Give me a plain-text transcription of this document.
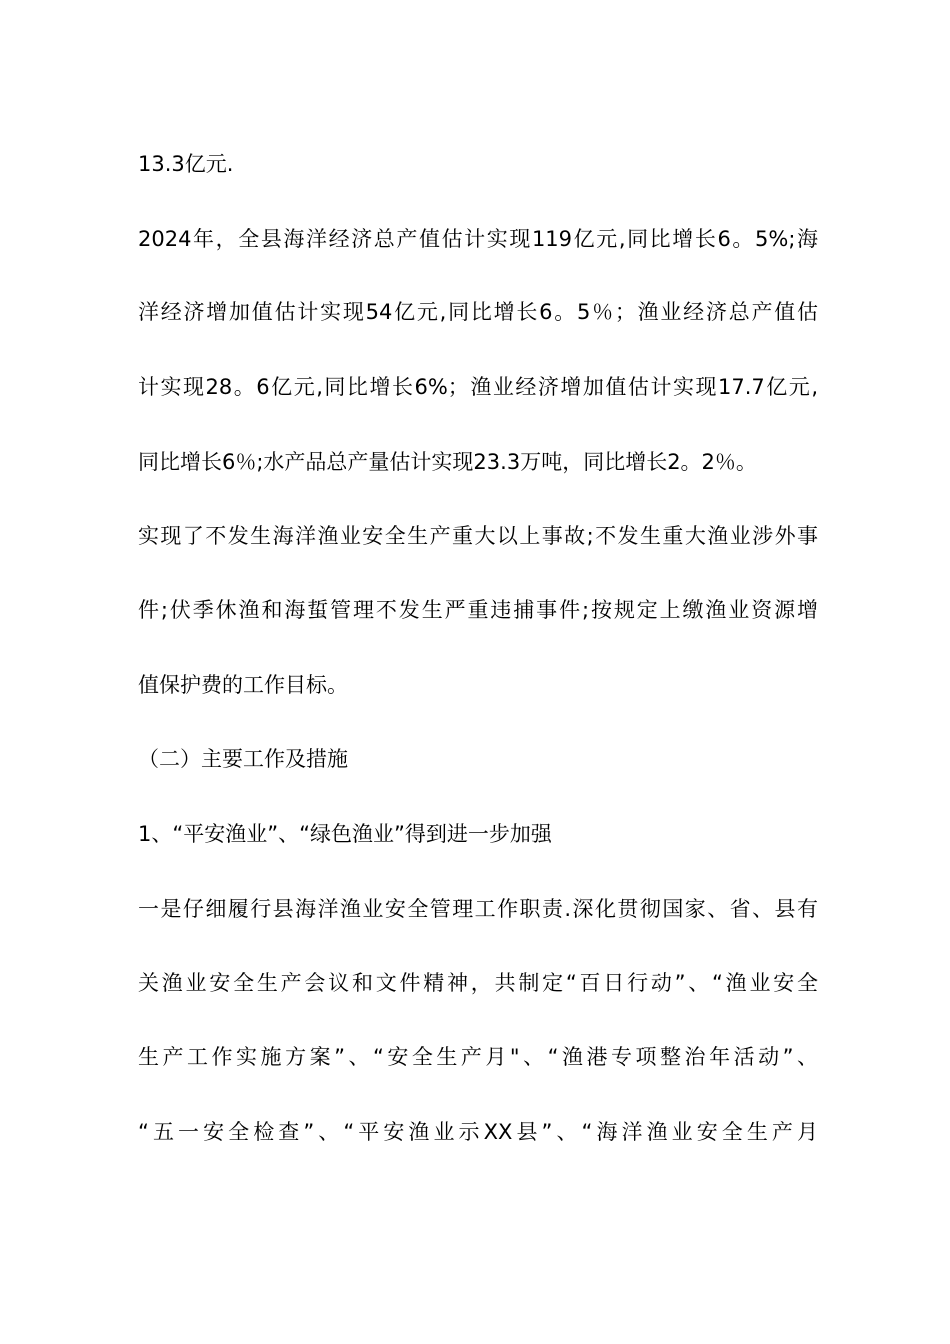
13.3亿元.
2024年，全县海洋经济总产值估计实现119亿元,同比增长6。5%;海
洋经济增加值估计实现54亿元,同比增长6。5％；渔业经济总产值估
计实现28。6亿元,同比增长6%；渔业经济增加值估计实现17.7亿元,
同比增长6％;水产品总产量估计实现23.3万吨，同比增长2。2％。
实现了不发生海洋渔业安全生产重大以上事故;不发生重大渔业涉外事
件;伏季休渔和海蜇管理不发生严重违捕事件;按规定上缴渔业资源增
值保护费的工作目标。
（二）主要工作及措施
1、“平安渔业”、“绿色渔业”得到进一步加强
一是仔细履行县海洋渔业安全管理工作职责.深化贯彻国家、省、县有
关渔业安全生产会议和文件精神，共制定“百日行动”、“渔业安全
生产工作实施方案”、“安全生产月"、“渔港专项整治年活动”、
“五一安全检查”、“平安渔业示XX县”、“海洋渔业安全生产月
